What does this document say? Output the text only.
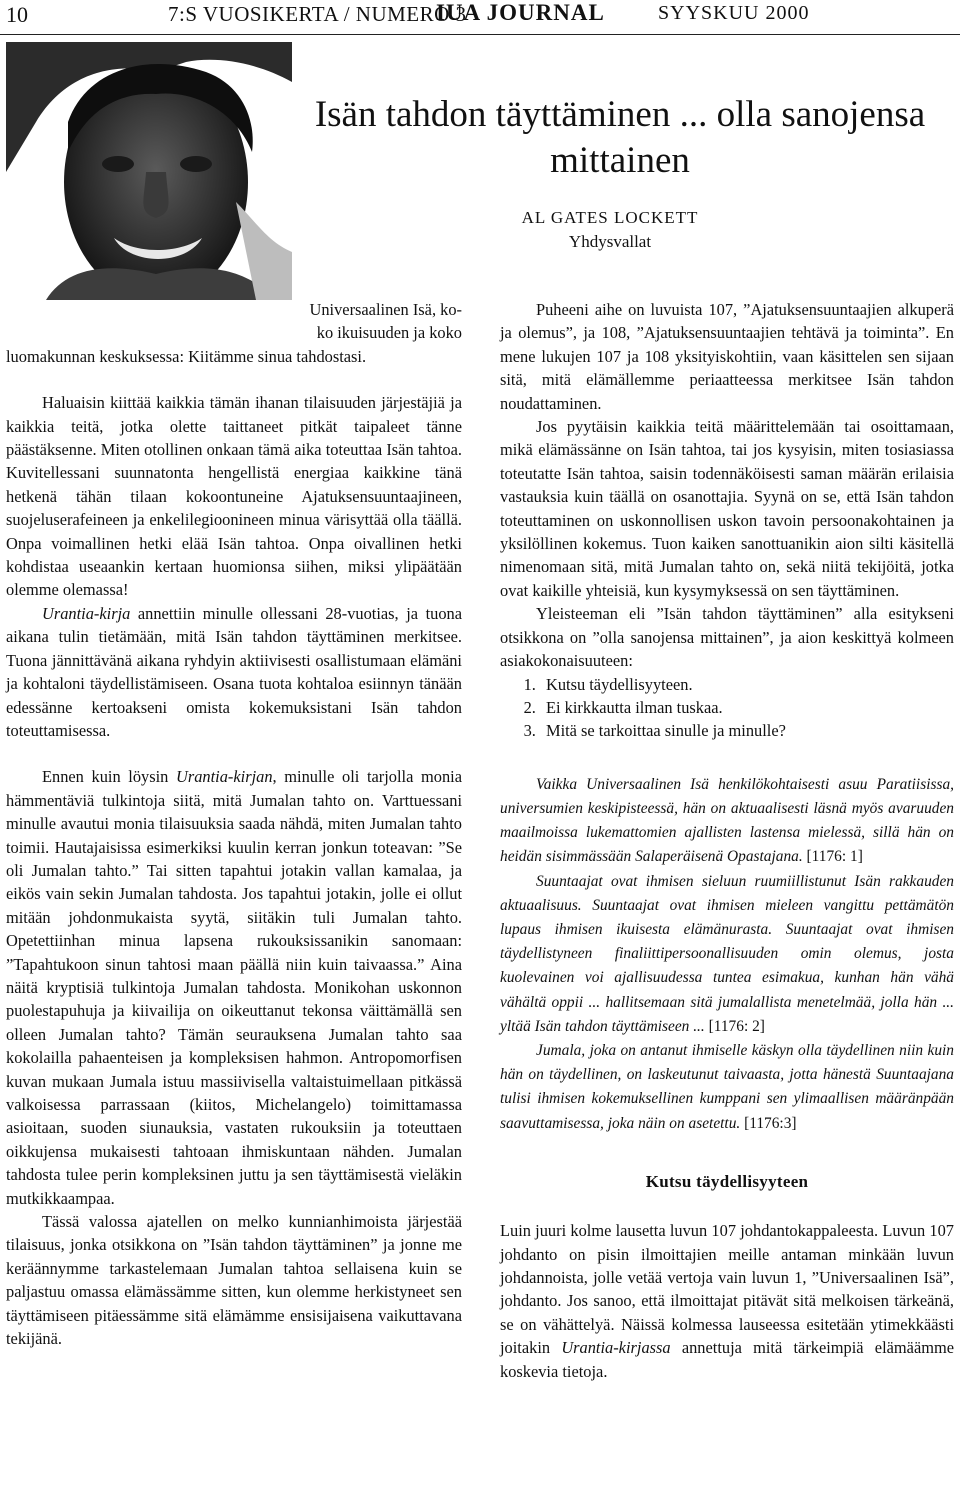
10	7:S VUOSIKERTA / NUMERO 3
IUA JOURNAL	SYYSKUU 2000
Isän tahdon täyttäminen ... olla sanojensa
mittainen
AL GATES LOCKETT
Yhdysvallat

Universaalinen Isä, ko-

ko ikuisuuden ja koko

luomakunnan keskuksessa: Kiitämme sinua tahdostasi.

Haluaisin kiittää kaikkia tämän ihanan tilaisuuden järjestäjiä ja kaikkia teitä, jotka olette taittaneet pitkät taipaleet tänne päästäksenne. Miten otollinen onkaan tämä aika toteuttaa Isän tahtoa. Kuvitellessani suunnatonta hengellistä energiaa kaikkine tänä hetkenä tähän tilaan kokoontuneine Ajatuksensuuntaajineen, suojeluserafeineen ja enkelilegioonineen minua värisyttää olla täällä. Onpa voimallinen hetki elää Isän tahtoa. Onpa oivallinen hetki kohdistaa useaankin kertaan huomionsa siihen, miksi ylipäätään olemme olemassa!

Urantia-kirja annettiin minulle ollessani 28-vuotias, ja tuona aikana tulin tietämään, mitä Isän tahdon täyttäminen merkitsee. Tuona jännittävänä aikana ryhdyin aktiivisesti osallistumaan elämäni ja kohtaloni täydellistämiseen. Osana tuota kohtaloa esiinnyn tänään edessänne kertoakseni omista kokemuksistani Isän tahdon toteuttamisessa.

Ennen kuin löysin Urantia-kirjan, minulle oli tarjolla monia hämmentäviä tulkintoja siitä, mitä Jumalan tahto on. Varttuessani minulle avautui monia tilaisuuksia saada nähdä, miten Jumalan tahto toimii. Hautajaisissa esimerkiksi kuulin kerran jonkun toteavan: ”Se oli Jumalan tahto.” Tai sitten tapahtui jotakin vallan kamalaa, ja eikös vain sekin Jumalan tahdosta. Jos tapahtui jotakin, jolle ei ollut mitään johdonmukaista syytä, siitäkin tuli Jumalan tahto. Opetettiinhan minua lapsena rukouksissanikin sanomaan: ”Tapahtukoon sinun tahtosi maan päällä niin kuin taivaassa.” Aina näitä kryptisiä tulkintoja Jumalan tahdosta. Monikohan uskonnon puolestapuhuja ja kiivailija on oikeuttanut tekonsa väittämällä sen olleen Jumalan tahto? Tämän seurauksena Jumalan tahto saa kokolailla pahaenteisen ja kompleksisen hahmon. Antropomorfisen kuvan mukaan Jumala istuu massiivisella valtaistuimellaan pitkässä valkoisessa parrassaan (kiitos, Michelangelo) toimittamassa asioitaan, suoden siunauksia, vastaten rukouksiin ja toteuttaen oikkujensa mukaisesti tahtoaan ihmiskuntaan nähden. Jumalan tahdosta tulee perin kompleksinen juttu ja sen täyttämisestä vieläkin mutkikkaampaa.

Tässä valossa ajatellen on melko kunnianhimoista järjestää tilaisuus, jonka otsikkona on ”Isän tahdon täyttäminen” ja jonne me keräännymme tarkastelemaan Jumalan tahtoa sellaisena kuin se paljastuu omassa elämässämme sitten, kun olemme herkistyneet sen täyttämiseen pitäessämme sitä elämämme ensisijaisena vaikuttavana tekijänä.

Puheeni aihe on luvuista 107, ”Ajatuksensuuntaajien alkuperä ja olemus”, ja 108, ”Ajatuksensuuntaajien tehtävä ja toiminta”. En mene lukujen 107 ja 108 yksityiskohtiin, vaan käsittelen sen sijaan sitä, mitä elämällemme periaatteessa merkitsee Isän tahdon noudattaminen.

Jos pyytäisin kaikkia teitä määrittelemään tai osoittamaan, mikä elämässänne on Isän tahtoa, tai jos kysyisin, miten tosiasiassa toteutatte Isän tahtoa, saisin todennäköisesti saman määrän erilaisia vastauksia kuin täällä on osanottajia. Syynä on se, että Isän tahdon toteuttaminen on uskonnollisen uskon tavoin persoonakohtainen ja yksilöllinen kokemus. Tuon kaiken sanottuanikin aion silti käsitellä nimenomaan sitä, mitä Jumalan tahto on, sekä niitä tekijöitä, jotka ovat kaikille yhteisiä, kun kysymyksessä on sen täyttäminen.

Yleisteeman eli ”Isän tahdon täyttäminen” alla esitykseni otsikkona on ”olla sanojensa mittainen”, ja aion keskittyä kolmeen asiakokonaisuuteen:

1. Kutsu täydellisyyteen.
2. Ei kirkkautta ilman tuskaa.
3. Mitä se tarkoittaa sinulle ja minulle?

Vaikka Universaalinen Isä henkilökohtaisesti asuu Paratiisissa, universumien keskipisteessä, hän on aktuaalisesti läsnä myös avaruuden maailmoissa lukemattomien ajallisten lastensa mielessä, sillä hän on heidän sisimmässään Salaperäisenä Opastajana. [1176: 1]

Suuntaajat ovat ihmisen sieluun ruumiillistunut Isän rakkauden aktuaalisuus. Suuntaajat ovat ihmisen mieleen vangittu pettämätön lupaus ihmisen ikuisesta elämänurasta. Suuntaajat ovat ihmisen täydellistyneen finaliittipersoonallisuuden omin olemus, josta kuolevainen voi ajallisuudessa tuntea esimakua, kunhan hän vähä vähältä oppii ... hallitsemaan sitä jumalallista menetelmää, jolla hän ... yltää Isän tahdon täyttämiseen ... [1176: 2]

Jumala, joka on antanut ihmiselle käskyn olla täydellinen niin kuin hän on täydellinen, on laskeutunut taivaasta, jotta hänestä Suuntaajana tulisi ihmisen kokemuksellinen kumppani sen ylimaallisen määränpään saavuttamisessa, joka näin on asetettu. [1176:3]

Kutsu täydellisyyteen

Luin juuri kolme lausetta luvun 107 johdantokappaleesta. Luvun 107 johdanto on pisin ilmoittajien meille antaman minkään luvun johdannoista, jolle vetää vertoja vain luvun 1, ”Universaalinen Isä”, johdanto. Jos sanoo, että ilmoittajat pitävät sitä melkoisen tärkeänä, se on vähättelyä. Näissä kolmessa lauseessa esitetään ytimekkäästi joitakin Urantia-kirjassa annettuja mitä tärkeimpiä elämäämme koskevia tietoja.
